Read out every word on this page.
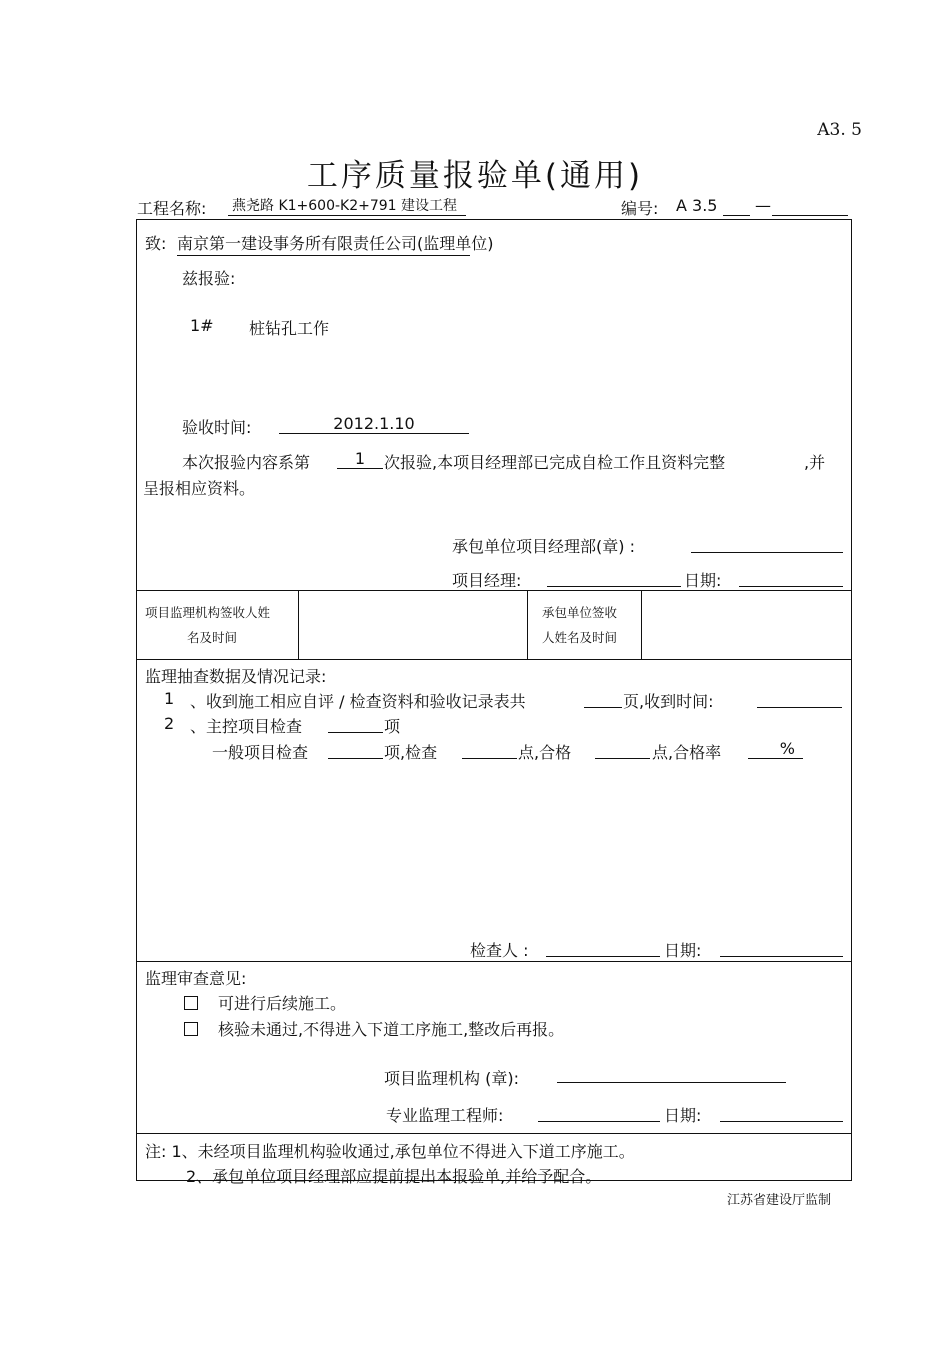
A3. 5
工序质量报验单(通用)
工程名称: 燕尧路 K1+600-K2+791 建设工程	编号: A 3.5 —
致: 南京第一建设事务所有限责任公司(监理单位)
兹报验:
1# 桩钻孔工作
验收时间:	2012.1.10
本次报验内容系第	1	次报验,本项目经理部已完成自检工作且资料完整	,并
呈报相应资料。
承包单位项目经理部(章) :
项目经理:	日期:
项目监理机构签收人姓
名及时间
承包单位签收
人姓名及时间
监理抽查数据及情况记录:
1 、收到施工相应自评 / 检查资料和验收记录表共	页,收到时间:
2 、主控项目检查	项
一般项目检查	项,检查	点,合格	点,合格率	%
检查人 :	日期:
监理审查意见:
可进行后续施工。
核验未通过,不得进入下道工序施工,整改后再报。
项目监理机构 (章):
专业监理工程师:	日期:
注: 1、未经项目监理机构验收通过,承包单位不得进入下道工序施工。
2、承包单位项目经理部应提前提出本报验单,并给予配合。
江苏省建设厅监制
